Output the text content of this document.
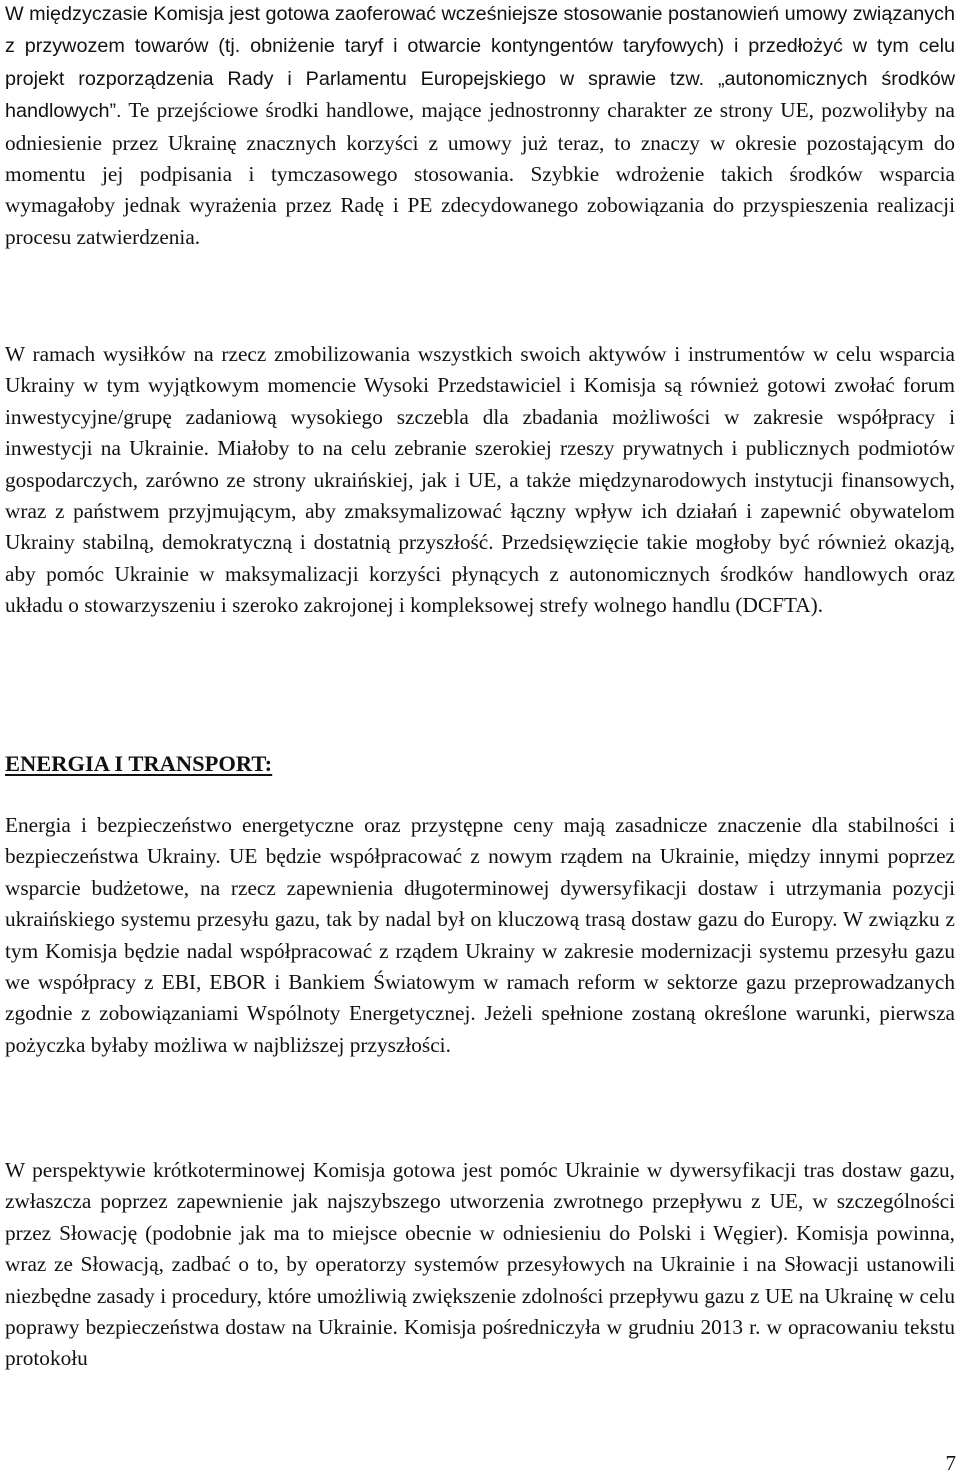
W międzyczasie Komisja jest gotowa zaoferować wcześniejsze stosowanie postanowień umowy związanych z przywozem towarów (tj. obniżenie taryf i otwarcie kontyngentów taryfowych) i przedłożyć w tym celu projekt rozporządzenia Rady i Parlamentu Europejskiego w sprawie tzw. „autonomicznych środków handlowych”. Te przejściowe środki handlowe, mające jednostronny charakter ze strony UE, pozwoliłyby na odniesienie przez Ukrainę znacznych korzyści z umowy już teraz, to znaczy w okresie pozostającym do momentu jej podpisania i tymczasowego stosowania. Szybkie wdrożenie takich środków wsparcia wymagałoby jednak wyrażenia przez Radę i PE zdecydowanego zobowiązania do przyspieszenia realizacji procesu zatwierdzenia.

W ramach wysiłków na rzecz zmobilizowania wszystkich swoich aktywów i instrumentów w celu wsparcia Ukrainy w tym wyjątkowym momencie Wysoki Przedstawiciel i Komisja są również gotowi zwołać forum inwestycyjne/grupę zadaniową wysokiego szczebla dla zbadania możliwości w zakresie współpracy i inwestycji na Ukrainie. Miałoby to na celu zebranie szerokiej rzeszy prywatnych i publicznych podmiotów gospodarczych, zarówno ze strony ukraińskiej, jak i UE, a także międzynarodowych instytucji finansowych, wraz z państwem przyjmującym, aby zmaksymalizować łączny wpływ ich działań i zapewnić obywatelom Ukrainy stabilną, demokratyczną i dostatnią przyszłość. Przedsięwzięcie takie mogłoby być również okazją, aby pomóc Ukrainie w maksymalizacji korzyści płynących z autonomicznych środków handlowych oraz układu o stowarzyszeniu i szeroko zakrojonej i kompleksowej strefy wolnego handlu (DCFTA).

ENERGIA I TRANSPORT:

Energia i bezpieczeństwo energetyczne oraz przystępne ceny mają zasadnicze znaczenie dla stabilności i bezpieczeństwa Ukrainy. UE będzie współpracować z nowym rządem na Ukrainie, między innymi poprzez wsparcie budżetowe, na rzecz zapewnienia długoterminowej dywersyfikacji dostaw i utrzymania pozycji ukraińskiego systemu przesyłu gazu, tak by nadal był on kluczową trasą dostaw gazu do Europy. W związku z tym Komisja będzie nadal współpracować z rządem Ukrainy w zakresie modernizacji systemu przesyłu gazu we współpracy z EBI, EBOR i Bankiem Światowym w ramach reform w sektorze gazu przeprowadzanych zgodnie z zobowiązaniami Wspólnoty Energetycznej. Jeżeli spełnione zostaną określone warunki, pierwsza pożyczka byłaby możliwa w najbliższej przyszłości.

W perspektywie krótkoterminowej Komisja gotowa jest pomóc Ukrainie w dywersyfikacji tras dostaw gazu, zwłaszcza poprzez zapewnienie jak najszybszego utworzenia zwrotnego przepływu z UE, w szczególności przez Słowację (podobnie jak ma to miejsce obecnie w odniesieniu do Polski i Węgier). Komisja powinna, wraz ze Słowacją, zadbać o to, by operatorzy systemów przesyłowych na Ukrainie i na Słowacji ustanowili niezbędne zasady i procedury, które umożliwią zwiększenie zdolności przepływu gazu z UE na Ukrainę w celu poprawy bezpieczeństwa dostaw na Ukrainie. Komisja pośredniczyła w grudniu 2013 r. w opracowaniu tekstu protokołu

7
